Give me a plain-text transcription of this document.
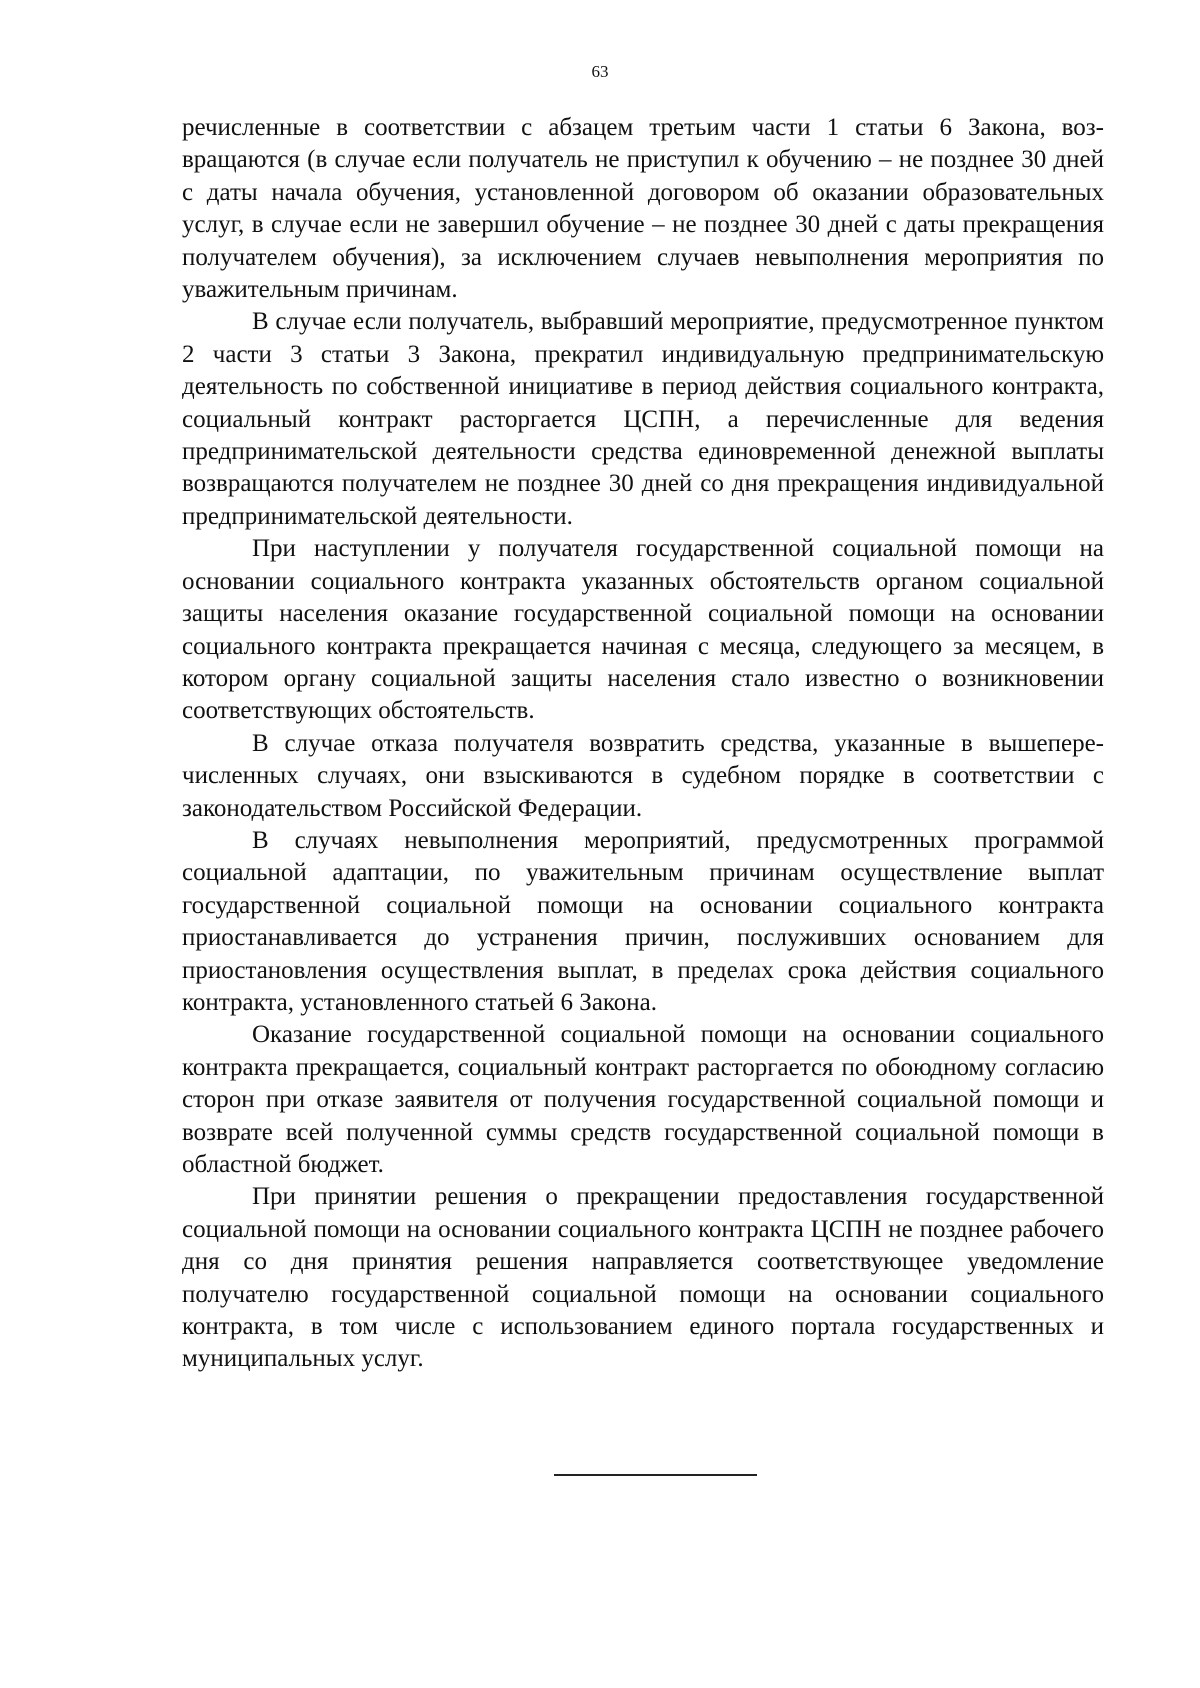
63

речисленные в соответствии с абзацем третьим части 1 статьи 6 Закона, возвращаются (в случае если получатель не приступил к обучению – не позднее 30 дней с даты начала обучения, установленной договором об оказании образовательных услуг, в случае если не завершил обучение – не позднее 30 дней с даты прекращения получателем обучения), за исключением случаев невыполнения мероприятия по уважительным причинам.

В случае если получатель, выбравший мероприятие, предусмотренное пунктом 2 части 3 статьи 3 Закона, прекратил индивидуальную предпринимательскую деятельность по собственной инициативе в период действия социального контракта, социальный контракт расторгается ЦСПН, а перечисленные для ведения предпринимательской деятельности средства единовременной денежной выплаты возвращаются получателем не позднее 30 дней со дня прекращения индивидуальной предпринимательской деятельности.

При наступлении у получателя государственной социальной помощи на основании социального контракта указанных обстоятельств органом социальной защиты населения оказание государственной социальной помощи на основании социального контракта прекращается начиная с месяца, следующего за месяцем, в котором органу социальной защиты населения стало известно о возникновении соответствующих обстоятельств.

В случае отказа получателя возвратить средства, указанные в вышеперечисленных случаях, они взыскиваются в судебном порядке в соответствии с законодательством Российской Федерации.

В случаях невыполнения мероприятий, предусмотренных программой социальной адаптации, по уважительным причинам осуществление выплат государственной социальной помощи на основании социального контракта приостанавливается до устранения причин, послуживших основанием для приостановления осуществления выплат, в пределах срока действия социального контракта, установленного статьей 6 Закона.

Оказание государственной социальной помощи на основании социального контракта прекращается, социальный контракт расторгается по обоюдному согласию сторон при отказе заявителя от получения государственной социальной помощи и возврате всей полученной суммы средств государственной социальной помощи в областной бюджет.

При принятии решения о прекращении предоставления государственной социальной помощи на основании социального контракта ЦСПН не позднее рабочего дня со дня принятия решения направляется соответствующее уведомление получателю государственной социальной помощи на основании социального контракта, в том числе с использованием единого портала государственных и муниципальных услуг.
